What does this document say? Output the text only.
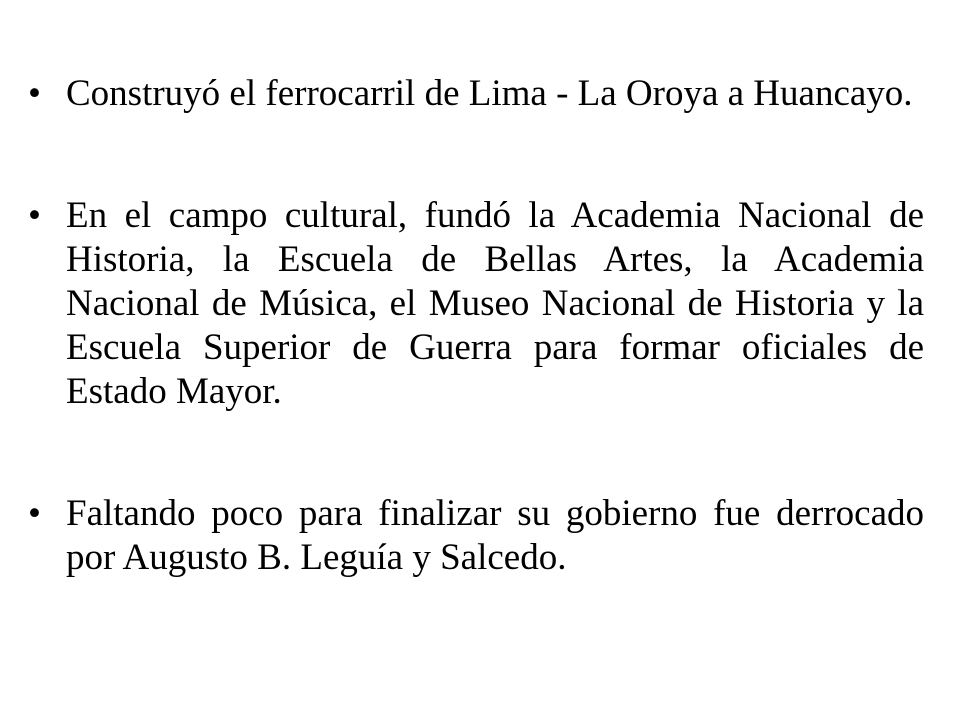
• Construyó el ferrocarril de Lima - La Oroya a Huancayo.
• En el campo cultural, fundó la Academia Nacional de Historia, la Escuela de Bellas Artes, la Academia Nacional de Música, el Museo Nacional de Historia y la Escuela Superior de Guerra para formar oficiales de Estado Mayor.
• Faltando poco para finalizar su gobierno fue derrocado por Augusto B. Leguía y Salcedo.
